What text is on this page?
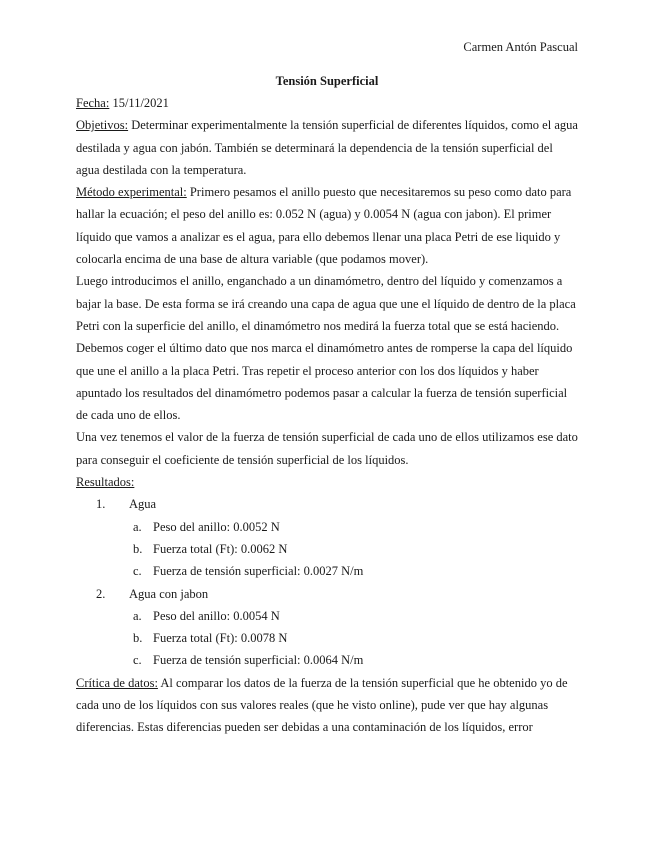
Carmen Antón Pascual

Tensión Superficial

Fecha: 15/11/2021

Objetivos: Determinar experimentalmente la tensión superficial de diferentes líquidos, como el agua destilada y agua con jabón. También se determinará la dependencia de la tensión superficial del agua destilada con la temperatura.

Método experimental: Primero pesamos el anillo puesto que necesitaremos su peso como dato para hallar la ecuación; el peso del anillo es: 0.052 N (agua) y 0.0054 N (agua con jabon). El primer líquido que vamos a analizar es el agua, para ello debemos llenar una placa Petri de ese liquido y colocarla encima de una base de altura variable (que podamos mover).

Luego introducimos el anillo, enganchado a un dinamómetro, dentro del líquido y comenzamos a bajar la base. De esta forma se irá creando una capa de agua que une el líquido de dentro de la placa Petri con la superficie del anillo, el dinamómetro nos medirá la fuerza total que se está haciendo.

Debemos coger el último dato que nos marca el dinamómetro antes de romperse la capa del líquido que une el anillo a la placa Petri. Tras repetir el proceso anterior con los dos líquidos y haber apuntado los resultados del dinamómetro podemos pasar a calcular la fuerza de tensión superficial de cada uno de ellos.

Una vez tenemos el valor de la fuerza de tensión superficial de cada uno de ellos utilizamos ese dato para conseguir el coeficiente de tensión superficial de los líquidos.

Resultados:

1. Agua
a. Peso del anillo: 0.0052 N
b. Fuerza total (Ft): 0.0062 N
c. Fuerza de tensión superficial: 0.0027 N/m
2. Agua con jabon
a. Peso del anillo: 0.0054 N
b. Fuerza total (Ft): 0.0078 N
c. Fuerza de tensión superficial: 0.0064 N/m

Crítica de datos: Al comparar los datos de la fuerza de la tensión superficial que he obtenido yo de cada uno de los líquidos con sus valores reales (que he visto online), pude ver que hay algunas diferencias. Estas diferencias pueden ser debidas a una contaminación de los líquidos, error
